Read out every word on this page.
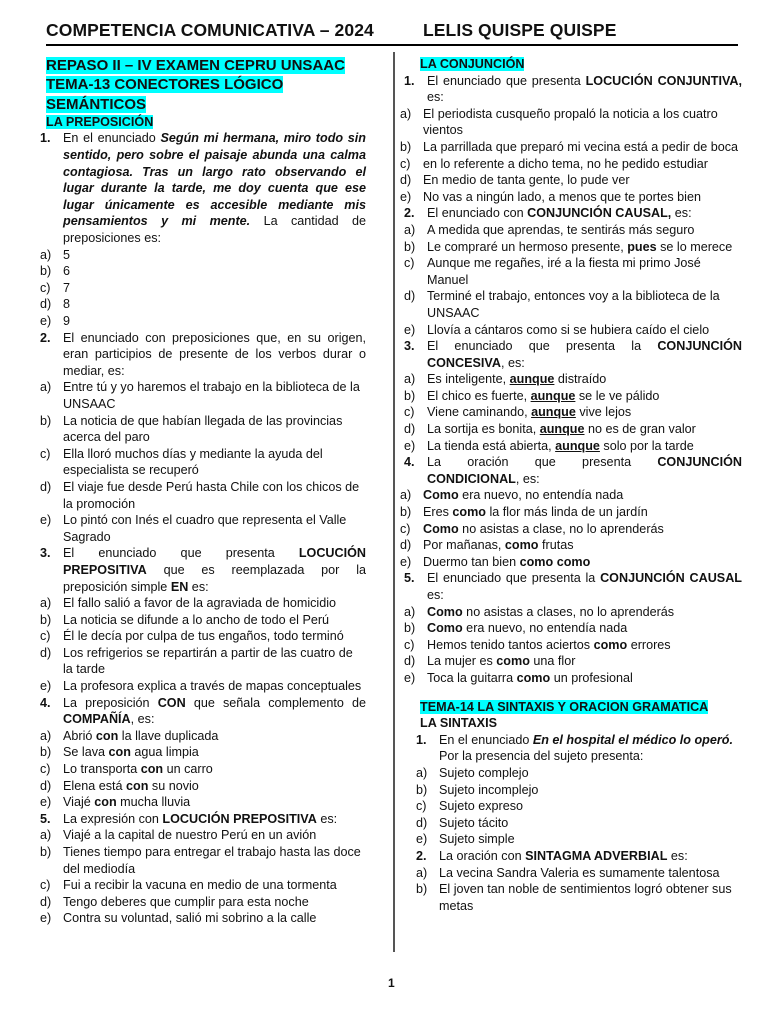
COMPETENCIA COMUNICATIVA – 2024	LELIS QUISPE QUISPE
REPASO II – IV EXAMEN CEPRU UNSAAC
TEMA-13 CONECTORES LÓGICO SEMÁNTICOS
LA PREPOSICIÓN
1. En el enunciado Según mi hermana, miro todo sin sentido, pero sobre el paisaje abunda una calma contagiosa. Tras un largo rato observando el lugar durante la tarde, me doy cuenta que ese lugar únicamente es accesible mediante mis pensamientos y mi mente. La cantidad de preposiciones es:
a) 5
b) 6
c) 7
d) 8
e) 9
2. El enunciado con preposiciones que, en su origen, eran participios de presente de los verbos durar o mediar, es:
a) Entre tú y yo haremos el trabajo en la biblioteca de la UNSAAC
b) La noticia de que habían llegada de las provincias acerca del paro
c) Ella lloró muchos días y mediante la ayuda del especialista se recuperó
d) El viaje fue desde Perú hasta Chile con los chicos de la promoción
e) Lo pintó con Inés el cuadro que representa el Valle Sagrado
3. El enunciado que presenta LOCUCIÓN PREPOSITIVA que es reemplazada por la preposición simple EN es:
a) El fallo salió a favor de la agraviada de homicidio
b) La noticia se difunde a lo ancho de todo el Perú
c) Él le decía por culpa de tus engaños, todo terminó
d) Los refrigerios se repartirán a partir de las cuatro de la tarde
e) La profesora explica a través de mapas conceptuales
4. La preposición CON que señala complemento de COMPAÑÍA, es:
a) Abrió con la llave duplicada
b) Se lava con agua limpia
c) Lo transporta con un carro
d) Elena está con su novio
e) Viajé con mucha lluvia
5. La expresión con LOCUCIÓN PREPOSITIVA es:
a) Viajé a la capital de nuestro Perú en un avión
b) Tienes tiempo para entregar el trabajo hasta las doce del mediodía
c) Fui a recibir la vacuna en medio de una tormenta
d) Tengo deberes que cumplir para esta noche
e) Contra su voluntad, salió mi sobrino a la calle
LA CONJUNCIÓN
1. El enunciado que presenta LOCUCIÓN CONJUNTIVA, es:
a) El periodista cusqueño propaló la noticia a los cuatro vientos
b) La parrillada que preparó mi vecina está a pedir de boca
c) en lo referente a dicho tema, no he pedido estudiar
d) En medio de tanta gente, lo pude ver
e) No vas a ningún lado, a menos que te portes bien
2. El enunciado con CONJUNCIÓN CAUSAL, es:
a) A medida que aprendas, te sentirás más seguro
b) Le compraré un hermoso presente, pues se lo merece
c) Aunque me regañes, iré a la fiesta mi primo José Manuel
d) Terminé el trabajo, entonces voy a la biblioteca de la UNSAAC
e) Llovía a cántaros como si se hubiera caído el cielo
3. El enunciado que presenta la CONJUNCIÓN CONCESIVA, es:
a) Es inteligente, aunque distraído
b) El chico es fuerte, aunque se le ve pálido
c) Viene caminando, aunque vive lejos
d) La sortija es bonita, aunque no es de gran valor
e) La tienda está abierta, aunque solo por la tarde
4. La oración que presenta CONJUNCIÓN CONDICIONAL, es:
a) Como era nuevo, no entendía nada
b) Eres como la flor más linda de un jardín
c) Como no asistas a clase, no lo aprenderás
d) Por mañanas, como frutas
e) Duermo tan bien como como
5. El enunciado que presenta la CONJUNCIÓN CAUSAL es:
a) Como no asistas a clases, no lo aprenderás
b) Como era nuevo, no entendía nada
c) Hemos tenido tantos aciertos como errores
d) La mujer es como una flor
e) Toca la guitarra como un profesional
TEMA-14 LA SINTAXIS Y ORACION GRAMATICA
LA SINTAXIS
1. En el enunciado En el hospital el médico lo operó. Por la presencia del sujeto presenta:
a) Sujeto complejo
b) Sujeto incomplejo
c) Sujeto expreso
d) Sujeto tácito
e) Sujeto simple
2. La oración con SINTAGMA ADVERBIAL es:
a) La vecina Sandra Valeria es sumamente talentosa
b) El joven tan noble de sentimientos logró obtener sus metas
1
